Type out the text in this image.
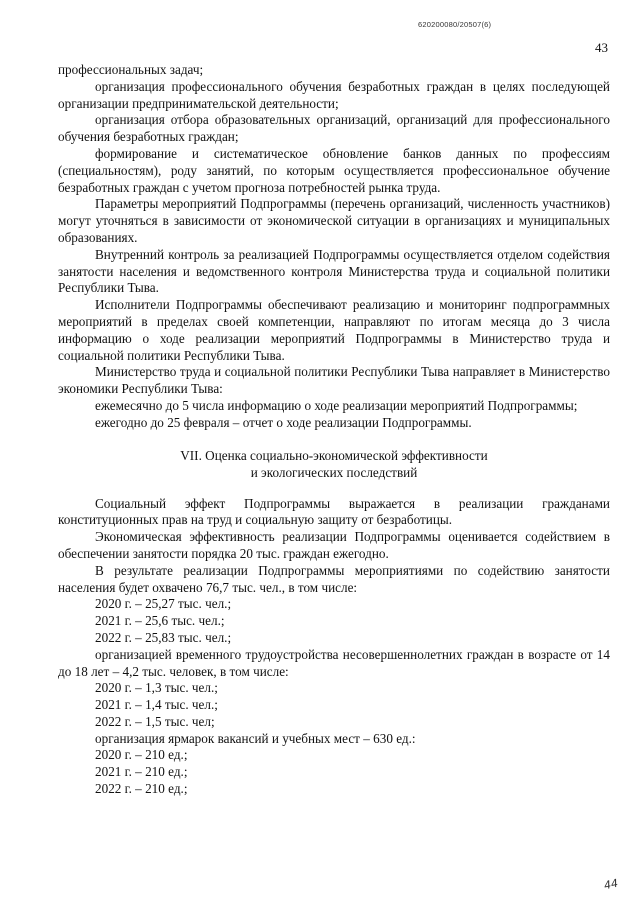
620200080/20507(6)
43

профессиональных задач;

организация профессионального обучения безработных граждан в целях последующей организации предпринимательской деятельности;

организация отбора образовательных организаций, организаций для профессионального обучения безработных граждан;

формирование и систематическое обновление банков данных по профессиям (специальностям), роду занятий, по которым осуществляется профессиональное обучение безработных граждан с учетом прогноза потребностей рынка труда.

Параметры мероприятий Подпрограммы (перечень организаций, численность участников) могут уточняться в зависимости от экономической ситуации в организациях и муниципальных образованиях.

Внутренний контроль за реализацией Подпрограммы осуществляется отделом содействия занятости населения и ведомственного контроля Министерства труда и социальной политики Республики Тыва.

Исполнители Подпрограммы обеспечивают реализацию и мониторинг подпрограммных мероприятий в пределах своей компетенции, направляют по итогам месяца до 3 числа информацию о ходе реализации мероприятий Подпрограммы в Министерство труда и социальной политики Республики Тыва.

Министерство труда и социальной политики Республики Тыва направляет в Министерство экономики Республики Тыва:

ежемесячно до 5 числа информацию о ходе реализации мероприятий Подпрограммы;

ежегодно до 25 февраля – отчет о ходе реализации Подпрограммы.

VII. Оценка социально-экономической эффективности
и экологических последствий

Социальный эффект Подпрограммы выражается в реализации гражданами конституционных прав на труд и социальную защиту от безработицы.

Экономическая эффективность реализации Подпрограммы оценивается содействием в обеспечении занятости порядка 20 тыс. граждан ежегодно.

В результате реализации Подпрограммы мероприятиями по содействию занятости населения будет охвачено 76,7 тыс. чел., в том числе:

2020 г. – 25,27 тыс. чел.;

2021 г. – 25,6 тыс. чел.;

2022 г. – 25,83 тыс. чел.;

организацией временного трудоустройства несовершеннолетних граждан в возрасте от 14 до 18 лет – 4,2 тыс. человек, в том числе:

2020 г. – 1,3 тыс. чел.;

2021 г. – 1,4 тыс. чел.;

2022 г. – 1,5 тыс. чел;

организация ярмарок вакансий и учебных мест – 630 ед.:

2020 г. – 210 ед.;

2021 г. – 210 ед.;

2022 г. – 210 ед.;

44
